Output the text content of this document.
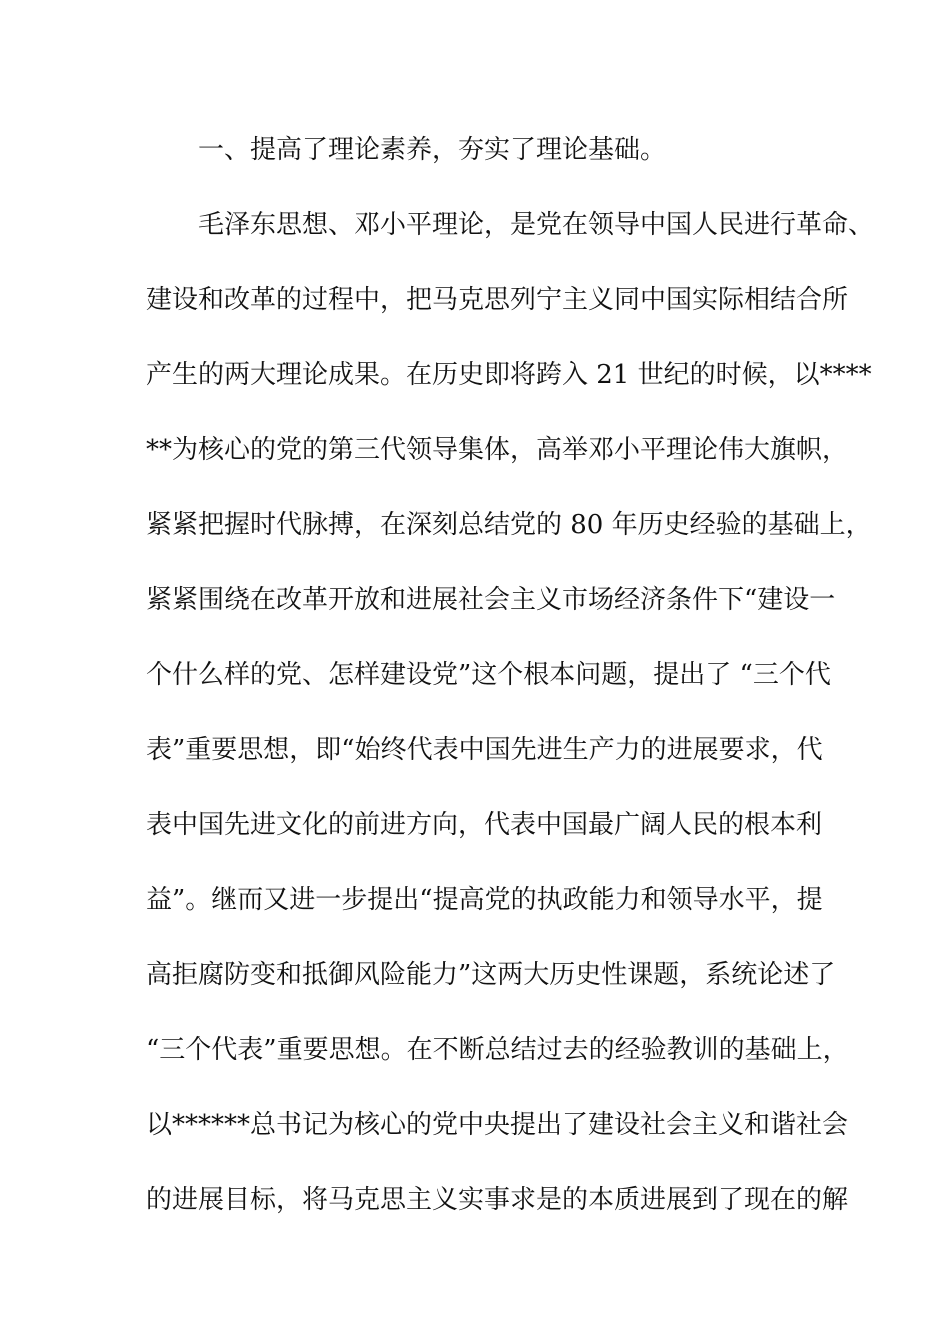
一、提高了理论素养，夯实了理论基础。
毛泽东思想、邓小平理论，是党在领导中国人民进行革命、
建设和改革的过程中，把马克思列宁主义同中国实际相结合所
产生的两大理论成果。在历史即将跨入 21 世纪的时候，以****
**为核心的党的第三代领导集体，高举邓小平理论伟大旗帜，
紧紧把握时代脉搏，在深刻总结党的 80 年历史经验的基础上，
紧紧围绕在改革开放和进展社会主义市场经济条件下“建设一
个什么样的党、怎样建设党”这个根本问题，提出了 “三个代
表”重要思想，即“始终代表中国先进生产力的进展要求，代
表中国先进文化的前进方向，代表中国最广阔人民的根本利
益”。继而又进一步提出“提高党的执政能力和领导水平，提
高拒腐防变和抵御风险能力”这两大历史性课题，系统论述了
“三个代表”重要思想。在不断总结过去的经验教训的基础上，
以******总书记为核心的党中央提出了建设社会主义和谐社会
的进展目标，将马克思主义实事求是的本质进展到了现在的解
